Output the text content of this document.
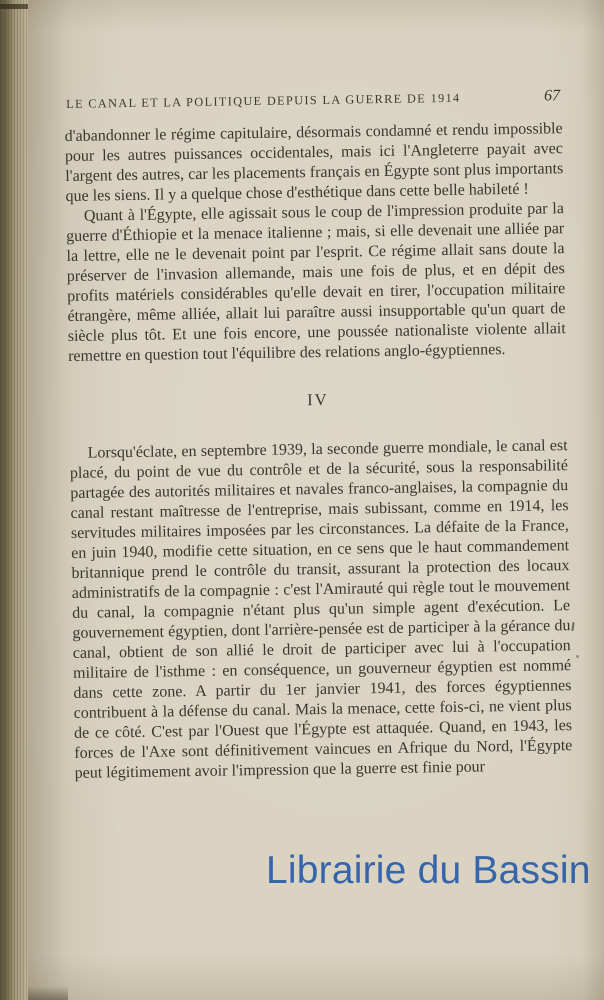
LE CANAL ET LA POLITIQUE DEPUIS LA GUERRE DE 1914	67

d'abandonner le régime capitulaire, désormais condamné et rendu impossible pour les autres puissances occidentales, mais ici l'Angleterre payait avec l'argent des autres, car les placements français en Égypte sont plus importants que les siens. Il y a quelque chose d'esthétique dans cette belle habileté !

Quant à l'Égypte, elle agissait sous le coup de l'impression produite par la guerre d'Éthiopie et la menace italienne ; mais, si elle devenait une alliée par la lettre, elle ne le devenait point par l'esprit. Ce régime allait sans doute la préserver de l'invasion allemande, mais une fois de plus, et en dépit des profits matériels considérables qu'elle devait en tirer, l'occupation militaire étrangère, même alliée, allait lui paraître aussi insupportable qu'un quart de siècle plus tôt. Et une fois encore, une poussée nationaliste violente allait remettre en question tout l'équilibre des relations anglo-égyptiennes.

IV

Lorsqu'éclate, en septembre 1939, la seconde guerre mondiale, le canal est placé, du point de vue du contrôle et de la sécurité, sous la responsabilité partagée des autorités militaires et navales franco-anglaises, la compagnie du canal restant maîtresse de l'entreprise, mais subissant, comme en 1914, les servitudes militaires imposées par les circonstances. La défaite de la France, en juin 1940, modifie cette situation, en ce sens que le haut commandement britannique prend le contrôle du transit, assurant la protection des locaux administratifs de la compagnie : c'est l'Amirauté qui règle tout le mouvement du canal, la compagnie n'étant plus qu'un simple agent d'exécution. Le gouvernement égyptien, dont l'arrière-pensée est de participer à la gérance du canal, obtient de son allié le droit de participer avec lui à l'occupation militaire de l'isthme : en conséquence, un gouverneur égyptien est nommé dans cette zone. A partir du 1er janvier 1941, des forces égyptiennes contribuent à la défense du canal. Mais la menace, cette fois-ci, ne vient plus de ce côté. C'est par l'Ouest que l'Égypte est attaquée. Quand, en 1943, les forces de l'Axe sont définitivement vaincues en Afrique du Nord, l'Égypte peut légitimement avoir l'impression que la guerre est finie pour

Librairie du Bassin
